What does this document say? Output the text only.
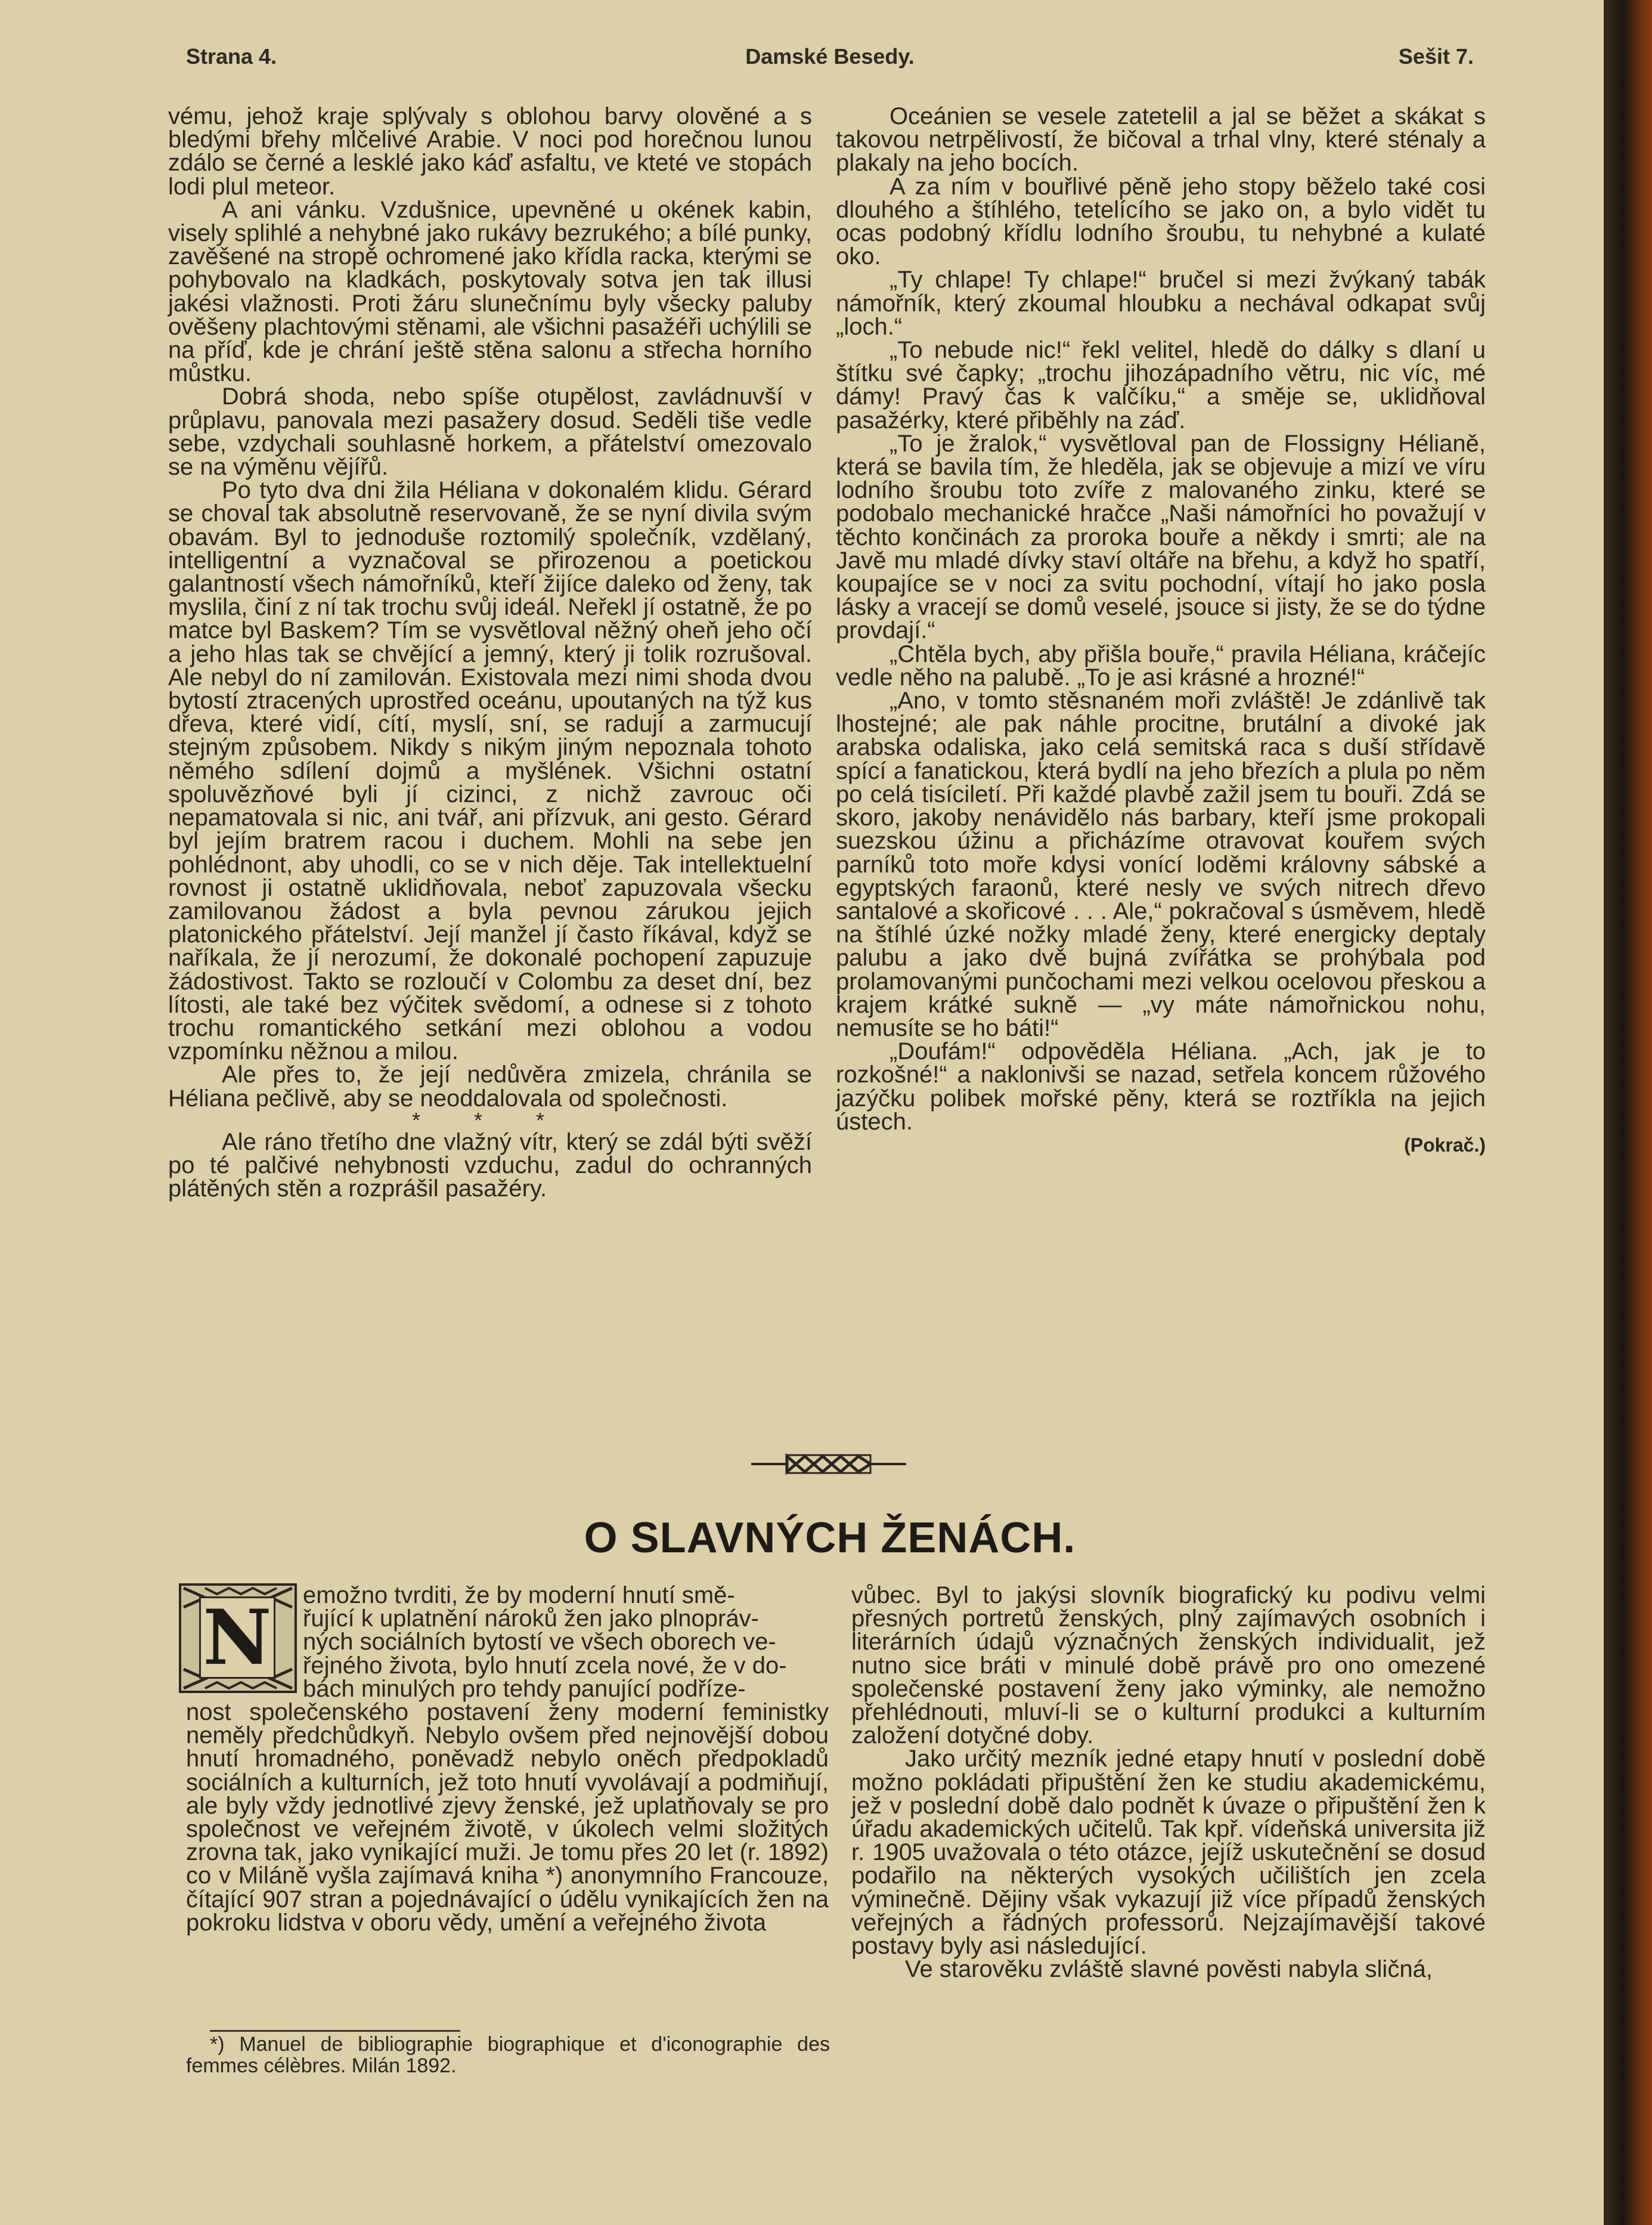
Strana 4.	Damské Besedy.	Sešit 7.

vému, jehož kraje splývaly s oblohou barvy olověné a s bledými břehy mlčelivé Arabie. V noci pod horečnou lunou zdálo se černé a lesklé jako káď asfaltu, ve kteté ve stopách lodi plul meteor.

A ani vánku. Vzdušnice, upevněné u okének kabin, visely splihlé a nehybné jako rukávy bezrukého; a bílé punky, zavěšené na stropě ochromené jako křídla racka, kterými se pohybovalo na kladkách, poskytovaly sotva jen tak illusi jakési vlažnosti. Proti žáru slunečnímu byly všecky paluby ověšeny plachtovými stěnami, ale všichni pasažéři uchýlili se na příď, kde je chrání ještě stěna salonu a střecha horního můstku.

Dobrá shoda, nebo spíše otupělost, zavládnuvší v průplavu, panovala mezi pasažery dosud. Seděli tiše vedle sebe, vzdychali souhlasně horkem, a přátelství omezovalo se na výměnu vějířů.

Po tyto dva dni žila Héliana v dokonalém klidu. Gérard se choval tak absolutně reservovaně, že se nyní divila svým obavám. Byl to jednoduše roztomilý společník, vzdělaný, intelligentní a vyznačoval se přirozenou a poetickou galantností všech námořníků, kteří žijíce daleko od ženy, tak myslila, činí z ní tak trochu svůj ideál. Neřekl jí ostatně, že po matce byl Baskem? Tím se vysvětloval něžný oheň jeho očí a jeho hlas tak se chvějící a jemný, který ji tolik rozrušoval. Ale nebyl do ní zamilován. Existovala mezi nimi shoda dvou bytostí ztracených uprostřed oceánu, upoutaných na týž kus dřeva, které vidí, cítí, myslí, sní, se radují a zarmucují stejným způsobem. Nikdy s nikým jiným nepoznala tohoto němého sdílení dojmů a myšlének. Všichni ostatní spoluvězňové byli jí cizinci, z nichž zavrouc oči nepamatovala si nic, ani tvář, ani přízvuk, ani gesto. Gérard byl jejím bratrem racou i duchem. Mohli na sebe jen pohlédnont, aby uhodli, co se v nich děje. Tak intellektuelní rovnost ji ostatně uklidňovala, neboť zapuzovala všecku zamilovanou žádost a byla pevnou zárukou jejich platonického přátelství. Její manžel jí často říkával, když se naříkala, že jí nerozumí, že dokonalé pochopení zapuzuje žádostivost. Takto se rozloučí v Colombu za deset dní, bez lítosti, ale také bez výčitek svědomí, a odnese si z tohoto trochu romantického setkání mezi oblohou a vodou vzpomínku něžnou a milou.

Ale přes to, že její nedůvěra zmizela, chránila se Héliana pečlivě, aby se neoddalovala od společnosti.

* * *

Ale ráno třetího dne vlažný vítr, který se zdál býti svěží po té palčivé nehybnosti vzduchu, zadul do ochranných plátěných stěn a rozprášil pasažéry.

Oceánien se vesele zatetelil a jal se běžet a skákat s takovou netrpělivostí, že bičoval a trhal vlny, které sténaly a plakaly na jeho bocích.

A za ním v bouřlivé pěně jeho stopy běželo také cosi dlouhého a štíhlého, tetelícího se jako on, a bylo vidět tu ocas podobný křídlu lodního šroubu, tu nehybné a kulaté oko.

„Ty chlape! Ty chlape!“ bručel si mezi žvýkaný tabák námořník, který zkoumal hloubku a nechával odkapat svůj „loch.“

„To nebude nic!“ řekl velitel, hledě do dálky s dlaní u štítku své čapky; „trochu jihozápadního větru, nic víc, mé dámy! Pravý čas k valčíku,“ a směje se, uklidňoval pasažérky, které přiběhly na záď.

„To je žralok,“ vysvětloval pan de Flossigny Hélianě, která se bavila tím, že hleděla, jak se objevuje a mizí ve víru lodního šroubu toto zvíře z malovaného zinku, které se podobalo mechanické hračce „Naši námořníci ho považují v těchto končinách za proroka bouře a někdy i smrti; ale na Javě mu mladé dívky staví oltáře na břehu, a když ho spatří, koupajíce se v noci za svitu pochodní, vítají ho jako posla lásky a vracejí se domů veselé, jsouce si jisty, že se do týdne provdají.“

„Chtěla bych, aby přišla bouře,“ pravila Héliana, kráčejíc vedle něho na palubě. „To je asi krásné a hrozné!“

„Ano, v tomto stěsnaném moři zvláště! Je zdánlivě tak lhostejné; ale pak náhle procitne, brutální a divoké jak arabska odaliska, jako celá semitská raca s duší střídavě spící a fanatickou, která bydlí na jeho březích a plula po něm po celá tisíciletí. Při každé plavbě zažil jsem tu bouři. Zdá se skoro, jakoby nenávidělo nás barbary, kteří jsme prokopali suezskou úžinu a přicházíme otravovat kouřem svých parníků toto moře kdysi vonící loděmi královny sábské a egyptských faraonů, které nesly ve svých nitrech dřevo santalové a skořicové . . . Ale,“ pokračoval s úsměvem, hledě na štíhlé úzké nožky mladé ženy, které energicky deptaly palubu a jako dvě bujná zvířátka se prohýbala pod prolamovanými punčochami mezi velkou ocelovou přeskou a krajem krátké sukně — „vy máte námořnickou nohu, nemusíte se ho báti!“

„Doufám!“ odpověděla Héliana. „Ach, jak je to rozkošné!“ a naklonivši se nazad, setřela koncem růžového jazýčku polibek mořské pěny, která se roztříkla na jejich ústech.

(Pokrač.)
O SLAVNÝCH ŽENÁCH.
N emožno tvrditi, že by moderní hnutí smě-
řující k uplatnění nároků žen jako plnopráv-
ných sociálních bytostí ve všech oborech ve-
řejného života, bylo hnutí zcela nové, že v do-
bách minulých pro tehdy panující podříze-

nost společenského postavení ženy moderní feministky neměly předchůdkyň. Nebylo ovšem před nejnovější dobou hnutí hromadného, poněvadž nebylo oněch předpokladů sociálních a kulturních, jež toto hnutí vyvolávají a podmiňují, ale byly vždy jednotlivé zjevy ženské, jež uplatňovaly se pro společnost ve veřejném životě, v úkolech velmi složitých zrovna tak, jako vynikající muži. Je tomu přes 20 let (r. 1892) co v Miláně vyšla zajímavá kniha *) anonymního Francouze, čítající 907 stran a pojednávající o údělu vynikajících žen na pokroku lidstva v oboru vědy, umění a veřejného života

vůbec. Byl to jakýsi slovník biografický ku podivu velmi přesných portretů ženských, plný zajímavých osobních i literárních údajů význačných ženských individualit, jež nutno sice bráti v minulé době právě pro ono omezené společenské postavení ženy jako výminky, ale nemožno přehlédnouti, mluví-li se o kulturní produkci a kulturním založení dotyčné doby.

Jako určitý mezník jedné etapy hnutí v poslední době možno pokládati připuštění žen ke studiu akademickému, jež v poslední době dalo podnět k úvaze o připuštění žen k úřadu akademických učitelů. Tak kpř. vídeňská universita již r. 1905 uvažovala o této otázce, jejíž uskutečnění se dosud podařilo na některých vysokých učilištích jen zcela výminečně. Dějiny však vykazují již více případů ženských veřejných a řádných professorů. Nejzajímavější takové postavy byly asi následující.

Ve starověku zvláště slavné pověsti nabyla sličná,

*) Manuel de bibliographie biographique et d'iconographie des femmes célèbres. Milán 1892.
